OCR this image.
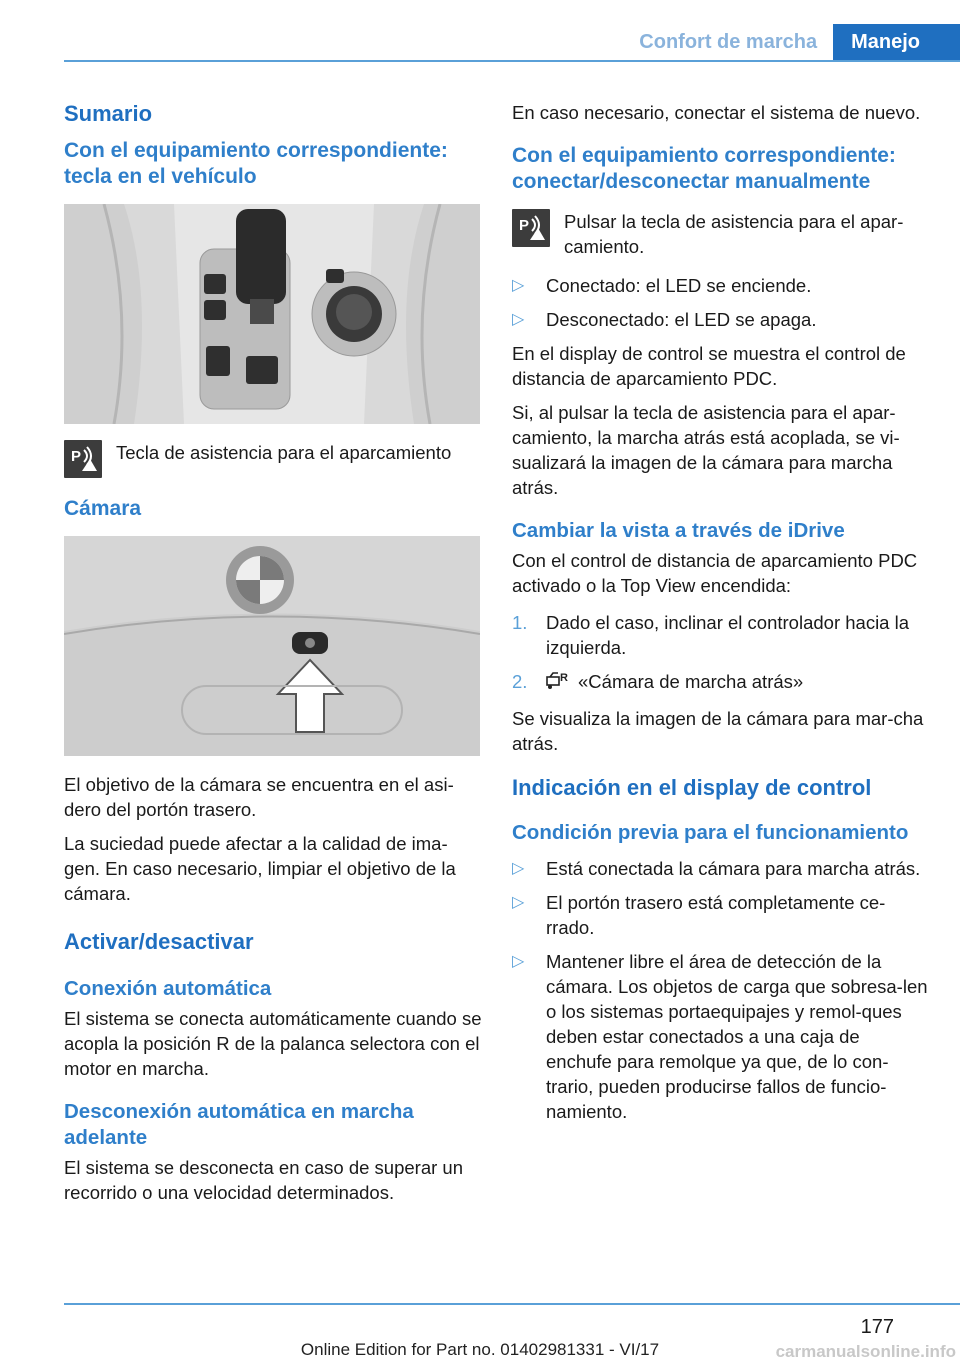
Confort de marcha	Manejo
Sumario
Con el equipamiento correspondiente: tecla en el vehículo
P Tecla de asistencia para el aparcamiento
Cámara

El objetivo de la cámara se encuentra en el asi-dero del portón trasero.

La suciedad puede afectar a la calidad de ima-gen. En caso necesario, limpiar el objetivo de la cámara.

Activar/desactivar
Conexión automática

El sistema se conecta automáticamente cuando se acopla la posición R de la palanca selectora con el motor en marcha.

Desconexión automática en marcha adelante

El sistema se desconecta en caso de superar un recorrido o una velocidad determinados.

En caso necesario, conectar el sistema de nuevo.

Con el equipamiento correspondiente: conectar/desconectar manualmente
P Pulsar la tecla de asistencia para el apar-camiento.
▷ Conectado: el LED se enciende.
▷ Desconectado: el LED se apaga.

En el display de control se muestra el control de distancia de aparcamiento PDC.

Si, al pulsar la tecla de asistencia para el apar-camiento, la marcha atrás está acoplada, se vi-sualizará la imagen de la cámara para marcha atrás.

Cambiar la vista a través de iDrive

Con el control de distancia de aparcamiento PDC activado o la Top View encendida:

1. Dado el caso, inclinar el controlador hacia la izquierda.
2.	R «Cámara de marcha atrás»

Se visualiza la imagen de la cámara para mar-cha atrás.

Indicación en el display de control
Condición previa para el funcionamiento
▷ Está conectada la cámara para marcha atrás.
▷ El portón trasero está completamente ce-rrado.
▷ Mantener libre el área de detección de la cámara. Los objetos de carga que sobresa-len o los sistemas portaequipajes y remol-ques deben estar conectados a una caja de enchufe para remolque ya que, de lo con-trario, pueden producirse fallos de funcio-namiento.
177
Online Edition for Part no. 01402981331 - VI/17	carmanualsonline.info
